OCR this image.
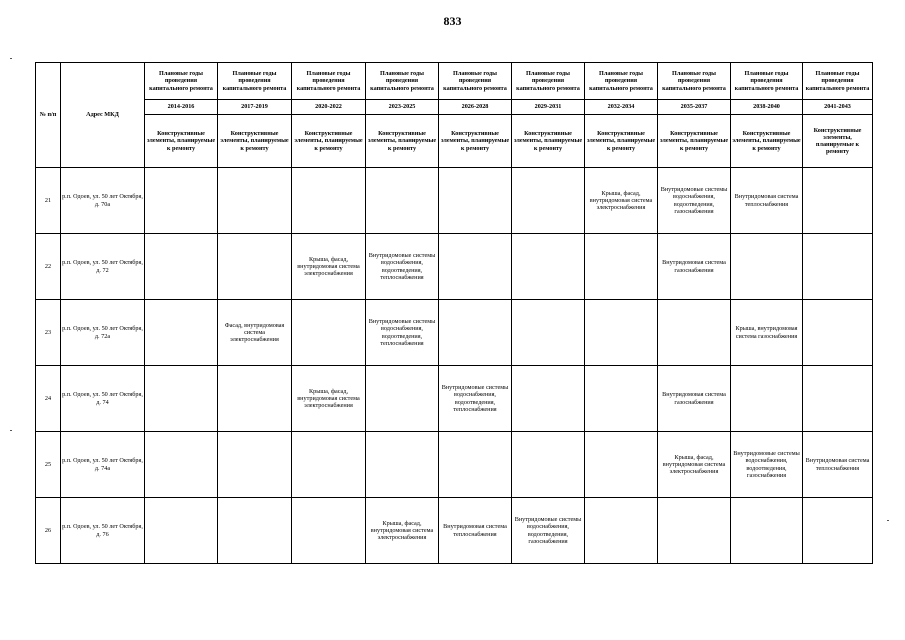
833
№ п/п	Адрес МКД	Плановые годы проведения капитального ремонта	Плановые годы проведения капитального ремонта	Плановые годы проведения капитального ремонта	Плановые годы проведения капитального ремонта	Плановые годы проведения капитального ремонта	Плановые годы проведения капитального ремонта	Плановые годы проведения капитального ремонта	Плановые годы проведения капитального ремонта	Плановые годы проведения капитального ремонта	Плановые годы проведения капитального ремонта
		2014-2016	2017-2019	2020-2022	2023-2025	2026-2028	2029-2031	2032-2034	2035-2037	2038-2040	2041-2043
		Конструктивные элементы, планируемые к ремонту	Конструктивные элементы, планируемые к ремонту	Конструктивные элементы, планируемые к ремонту	Конструктивные элементы, планируемые к ремонту	Конструктивные элементы, планируемые к ремонту	Конструктивные элементы, планируемые к ремонту	Конструктивные элементы, планируемые к ремонту	Конструктивные элементы, планируемые к ремонту	Конструктивные элементы, планируемые к ремонту	Конструктивные элементы, планируемые к ремонту
21	р.п. Одоев, ул. 50 лет Октября, д. 70а							Крыша, фасад, внутридомовая система электроснабжения	Внутридомовые системы водоснабжения, водоотведения, газоснабжения	Внутридомовая система теплоснабжения	
22	р.п. Одоев, ул. 50 лет Октября, д. 72			Крыша, фасад, внутридомовая система электроснабжения	Внутридомовые системы водоснабжения, водоотведения, теплоснабжения				Внутридомовая система газоснабжения		
23	р.п. Одоев, ул. 50 лет Октября, д. 72а		Фасад, внутридомовая система электроснабжения		Внутридомовые системы водоснабжения, водоотведения, теплоснабжения					Крыша, внутридомовая система газоснабжения	
24	р.п. Одоев, ул. 50 лет Октября, д. 74			Крыша, фасад, внутридомовая система электроснабжения		Внутридомовые системы водоснабжения, водоотведения, теплоснабжения			Внутридомовая система газоснабжения		
25	р.п. Одоев, ул. 50 лет Октября, д. 74а								Крыша, фасад, внутридомовая система электроснабжения	Внутридомовые системы водоснабжения, водоотведения, газоснабжения	Внутридомовая система теплоснабжения
26	р.п. Одоев, ул. 50 лет Октября, д. 76				Крыша, фасад, внутридомовая система электроснабжения	Внутридомовая система теплоснабжения	Внутридомовые системы водоснабжения, водоотведения, газоснабжения				
